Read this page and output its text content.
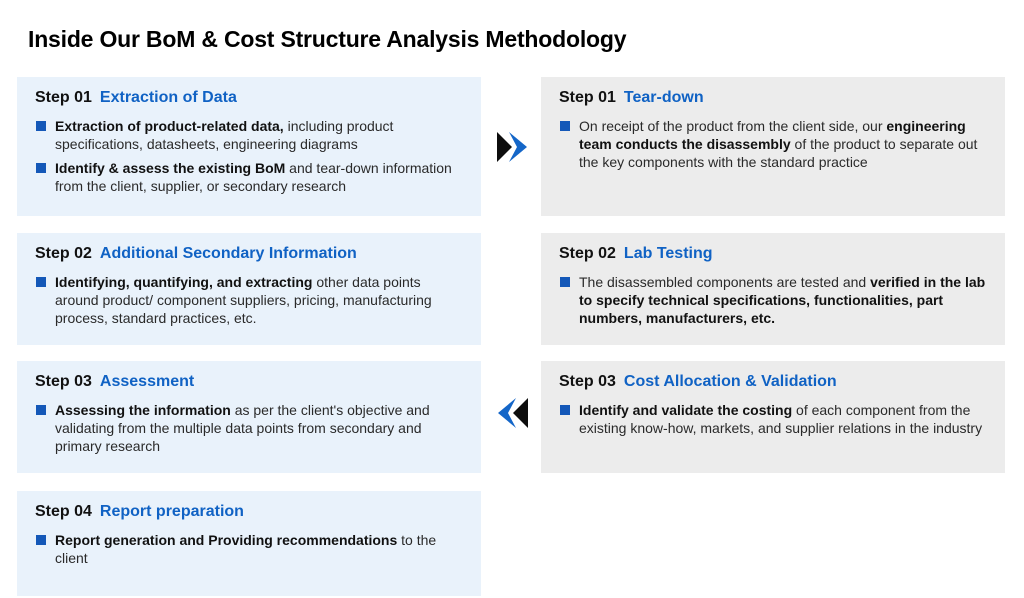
Inside Our BoM & Cost Structure Analysis Methodology
Step 01 Extraction of Data
Extraction of product-related data, including product specifications, datasheets, engineering diagrams
Identify & assess the existing BoM and tear-down information from the client, supplier, or secondary research
Step 02 Additional Secondary Information
Identifying, quantifying, and extracting other data points around product/ component suppliers, pricing, manufacturing process, standard practices, etc.
Step 03 Assessment
Assessing the information as per the client's objective and validating from the multiple data points from secondary and primary research
Step 04 Report preparation
Report generation and Providing recommendations to the client
Step 01 Tear-down
On receipt of the product from the client side, our engineering team conducts the disassembly of the product to separate out the key components with the standard practice
Step 02 Lab Testing
The disassembled components are tested and verified in the lab to specify technical specifications, functionalities, part numbers, manufacturers, etc.
Step 03 Cost Allocation & Validation
Identify and validate the costing of each component from the existing know-how, markets, and supplier relations in the industry
